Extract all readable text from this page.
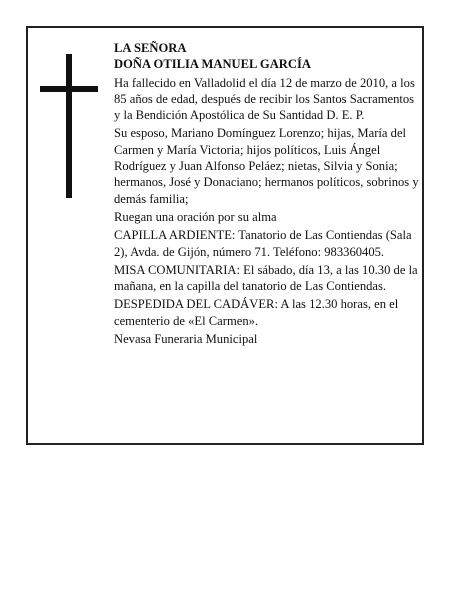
LA SEÑORA

DOÑA OTILIA MANUEL GARCÍA

Ha fallecido en Valladolid el día 12 de marzo de 2010, a los 85 años de edad, después de recibir los Santos Sacramentos y la Bendición Apostólica de Su Santidad D. E. P.

Su esposo, Mariano Domínguez Lorenzo; hijas, María del Carmen y María Victoria; hijos políticos, Luis Ángel Rodríguez y Juan Alfonso Peláez; nietas, Silvia y Sonia; hermanos, José y Donaciano; hermanos políticos, sobrinos y demás familia;

Ruegan una oración por su alma

CAPILLA ARDIENTE: Tanatorio de Las Contiendas (Sala 2), Avda. de Gijón, número 71. Teléfono: 983360405.

MISA COMUNITARIA: El sábado, día 13, a las 10.30 de la mañana, en la capilla del tanatorio de Las Contiendas.

DESPEDIDA DEL CADÁVER: A las 12.30 horas, en el cementerio de «El Carmen».

Nevasa Funeraria Municipal
